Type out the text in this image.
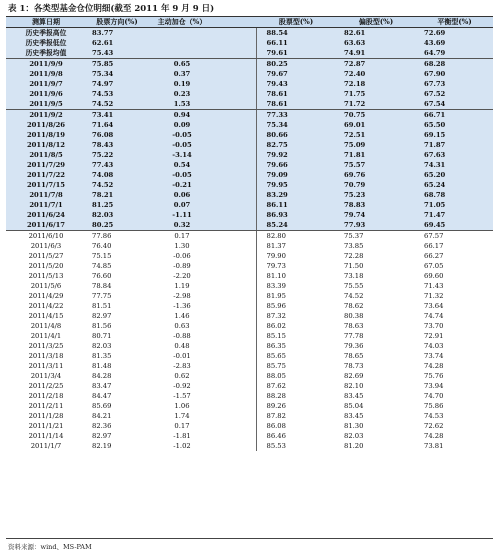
表 1：各类型基金仓位明细(截至 2011 年 9 月 9 日)
测算日期	股票方向(%)	主动加仓（%）		股票型(%)	偏股型(%)	平衡型(%)
历史季报高位	83.77			88.54	82.61	72.69
历史季报低位	62.61			66.11	63.63	43.69
历史季报均值	75.43			79.61	74.91	64.79
2011/9/9	75.85	0.65		80.25	72.87	68.28
2011/9/8	75.34	0.37		79.67	72.40	67.90
2011/9/7	74.97	0.19		79.43	72.18	67.73
2011/9/6	74.53	0.23		78.61	71.75	67.52
2011/9/5	74.52	1.53		78.61	71.72	67.54
2011/9/2	73.41	0.94		77.33	70.75	66.71
2011/8/26	71.64	0.09		75.34	69.01	65.50
2011/8/19	76.08	-0.05		80.66	72.51	69.15
2011/8/12	78.43	-0.05		82.75	75.09	71.87
2011/8/5	75.22	-3.14		79.92	71.81	67.63
2011/7/29	77.43	0.54		79.66	75.57	74.31
2011/7/22	74.08	-0.05		79.09	69.76	65.20
2011/7/15	74.52	-0.21		79.95	70.79	65.24
2011/7/8	78.21	0.06		83.29	75.23	68.78
2011/7/1	81.25	0.07		86.11	78.83	71.05
2011/6/24	82.03	-1.11		86.93	79.74	71.47
2011/6/17	80.25	0.32		85.24	77.93	69.45
2011/6/10	77.86	0.17		82.80	75.37	67.57
2011/6/3	76.40	1.30		81.37	73.85	66.17
2011/5/27	75.15	-0.06		79.90	72.28	66.27
2011/5/20	74.85	-0.89		79.73	71.50	67.05
2011/5/13	76.60	-2.20		81.10	73.18	69.60
2011/5/6	78.84	1.19		83.39	75.55	71.43
2011/4/29	77.75	-2.98		81.95	74.52	71.32
2011/4/22	81.51	-1.36		85.96	78.62	73.64
2011/4/15	82.97	1.46		87.32	80.38	74.74
2011/4/8	81.56	0.63		86.02	78.63	73.70
2011/4/1	80.71	-0.88		85.15	77.78	72.91
2011/3/25	82.03	0.48		86.35	79.36	74.03
2011/3/18	81.35	-0.01		85.65	78.65	73.74
2011/3/11	81.48	-2.83		85.75	78.73	74.28
2011/3/4	84.28	0.62		88.05	82.69	75.76
2011/2/25	83.47	-0.92		87.62	82.10	73.94
2011/2/18	84.47	-1.57		88.28	83.45	74.70
2011/2/11	85.69	1.06		89.26	85.04	75.86
2011/1/28	84.21	1.74		87.82	83.45	74.53
2011/1/21	82.36	0.17		86.08	81.30	72.62
2011/1/14	82.97	-1.81		86.46	82.03	74.28
2011/1/7	82.19	-1.02		85.53	81.20	73.81
资料来源：wind、MS-PAM
